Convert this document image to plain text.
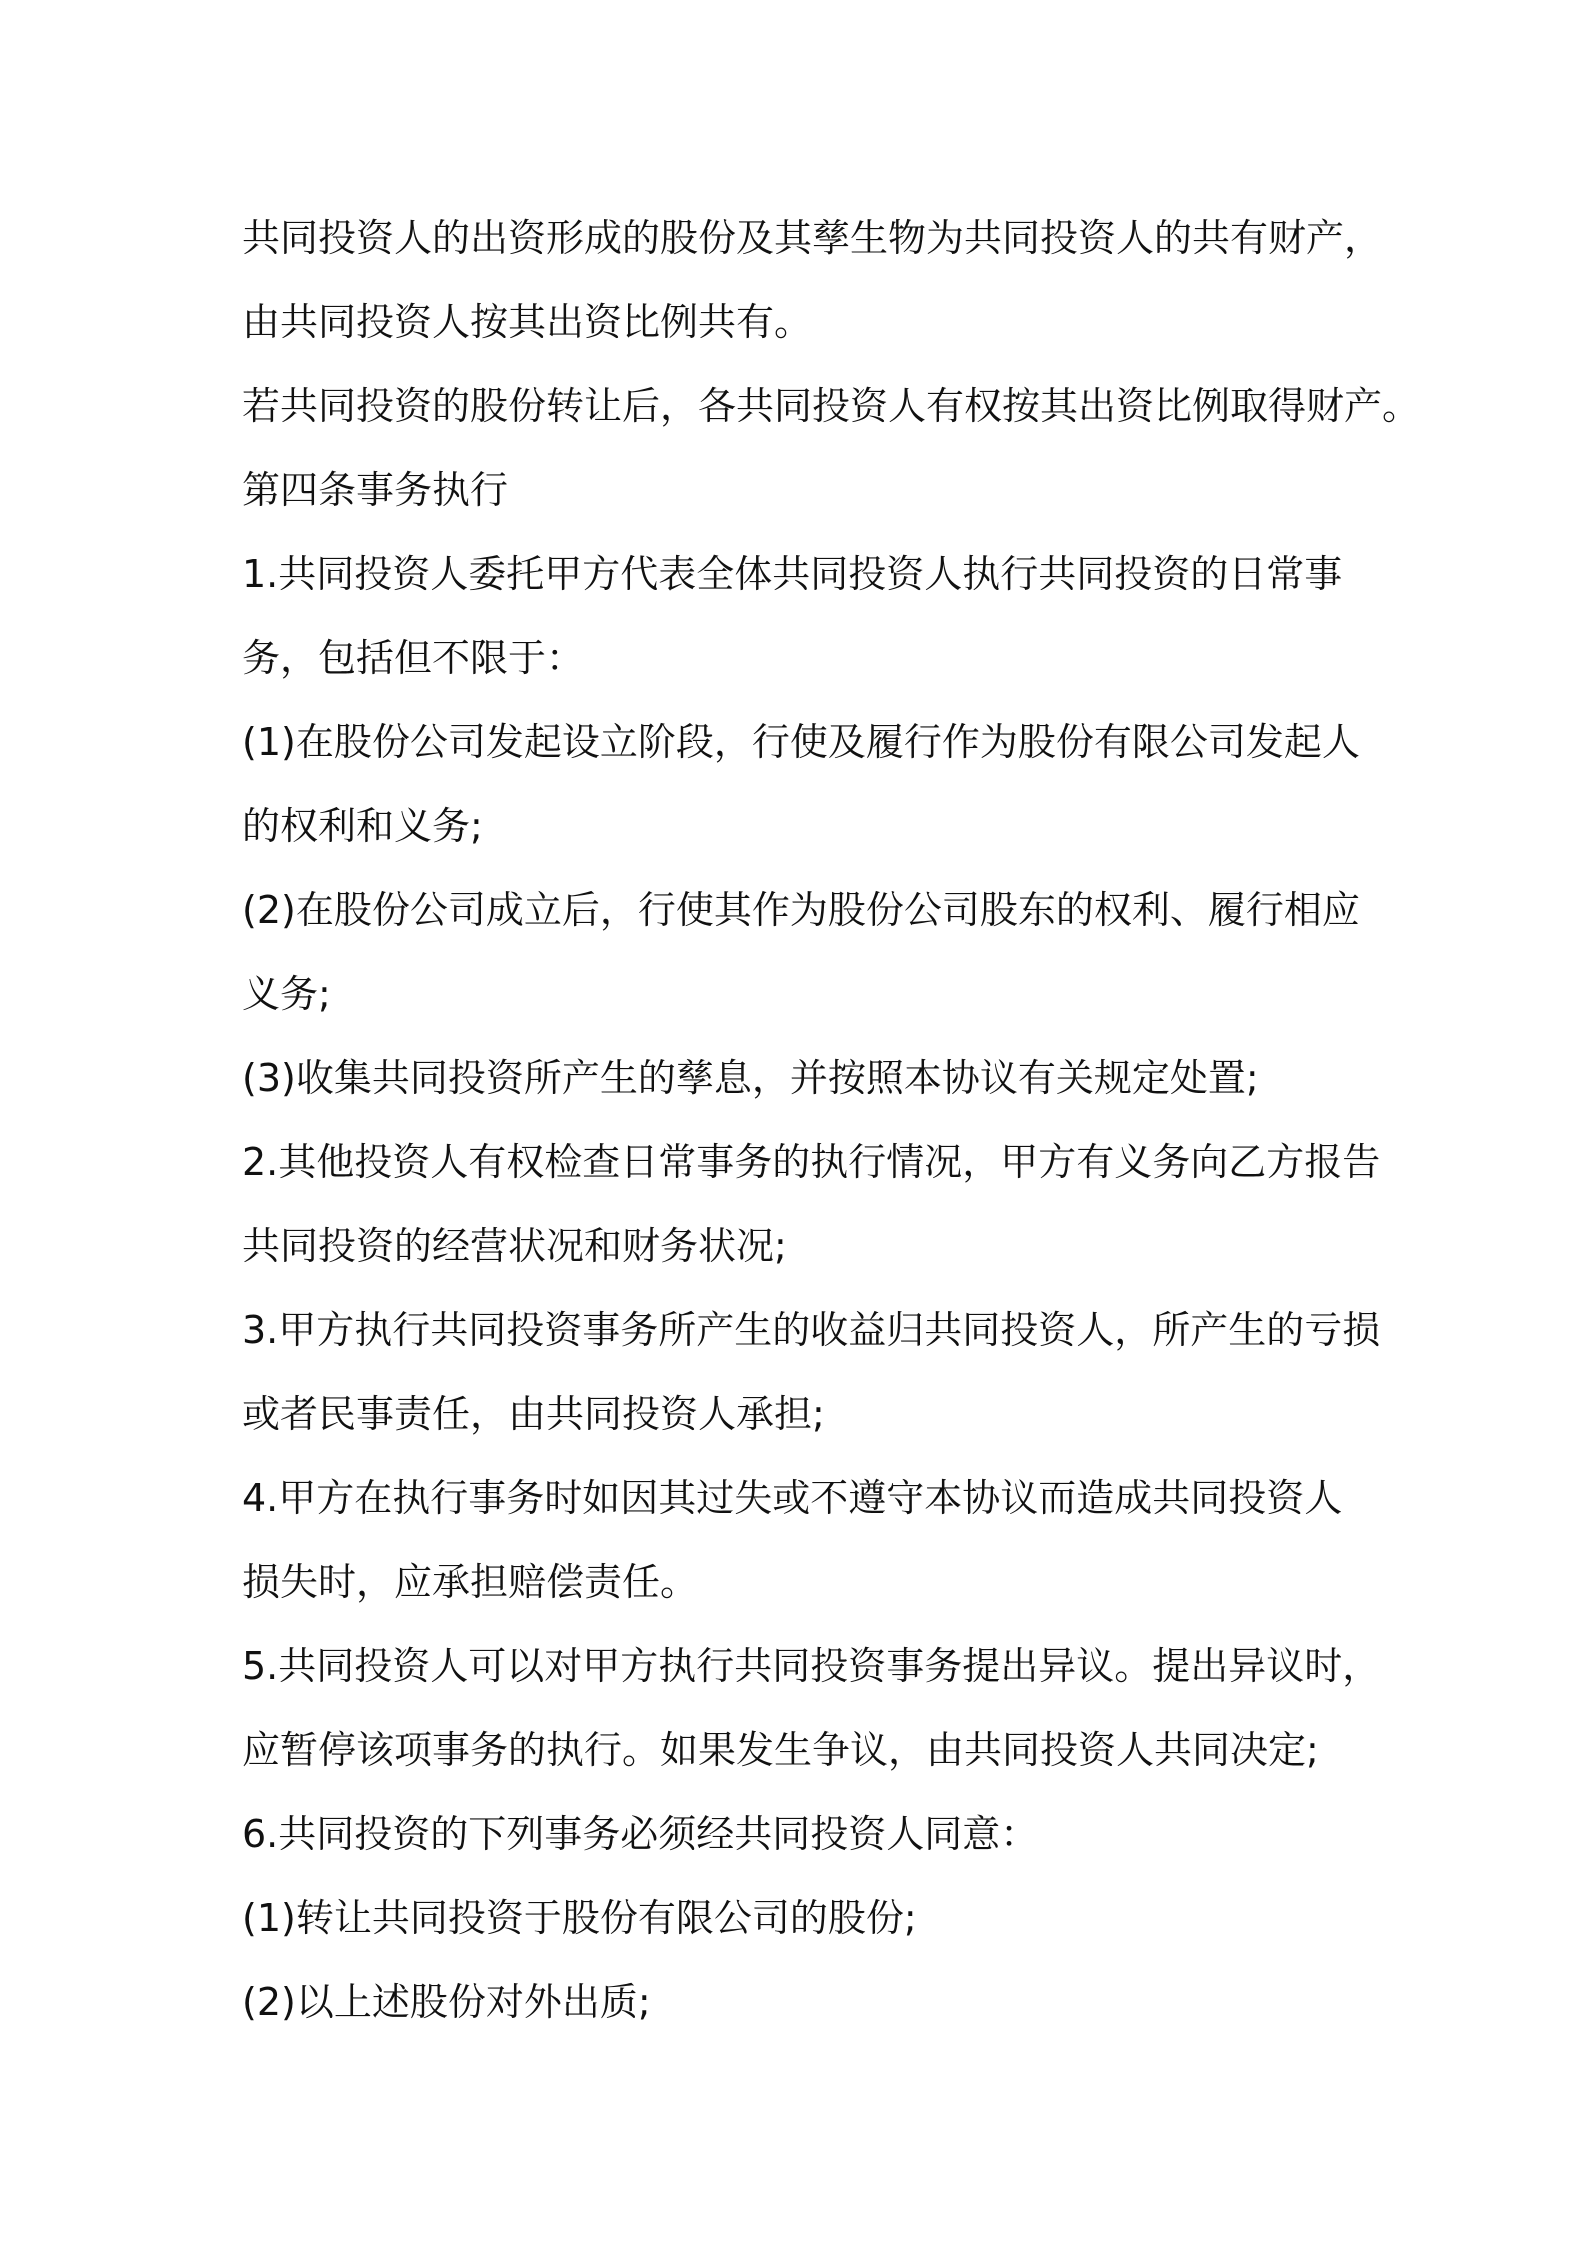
共同投资人的出资形成的股份及其孳生物为共同投资人的共有财产，
由共同投资人按其出资比例共有。
若共同投资的股份转让后，各共同投资人有权按其出资比例取得财产。
第四条事务执行
1.共同投资人委托甲方代表全体共同投资人执行共同投资的日常事
务，包括但不限于：
(1)在股份公司发起设立阶段，行使及履行作为股份有限公司发起人
的权利和义务;
(2)在股份公司成立后，行使其作为股份公司股东的权利、履行相应
义务;
(3)收集共同投资所产生的孳息，并按照本协议有关规定处置;
2.其他投资人有权检查日常事务的执行情况，甲方有义务向乙方报告
共同投资的经营状况和财务状况;
3.甲方执行共同投资事务所产生的收益归共同投资人，所产生的亏损
或者民事责任，由共同投资人承担;
4.甲方在执行事务时如因其过失或不遵守本协议而造成共同投资人
损失时，应承担赔偿责任。
5.共同投资人可以对甲方执行共同投资事务提出异议。提出异议时，
应暂停该项事务的执行。如果发生争议，由共同投资人共同决定;
6.共同投资的下列事务必须经共同投资人同意：
(1)转让共同投资于股份有限公司的股份;
(2)以上述股份对外出质;
